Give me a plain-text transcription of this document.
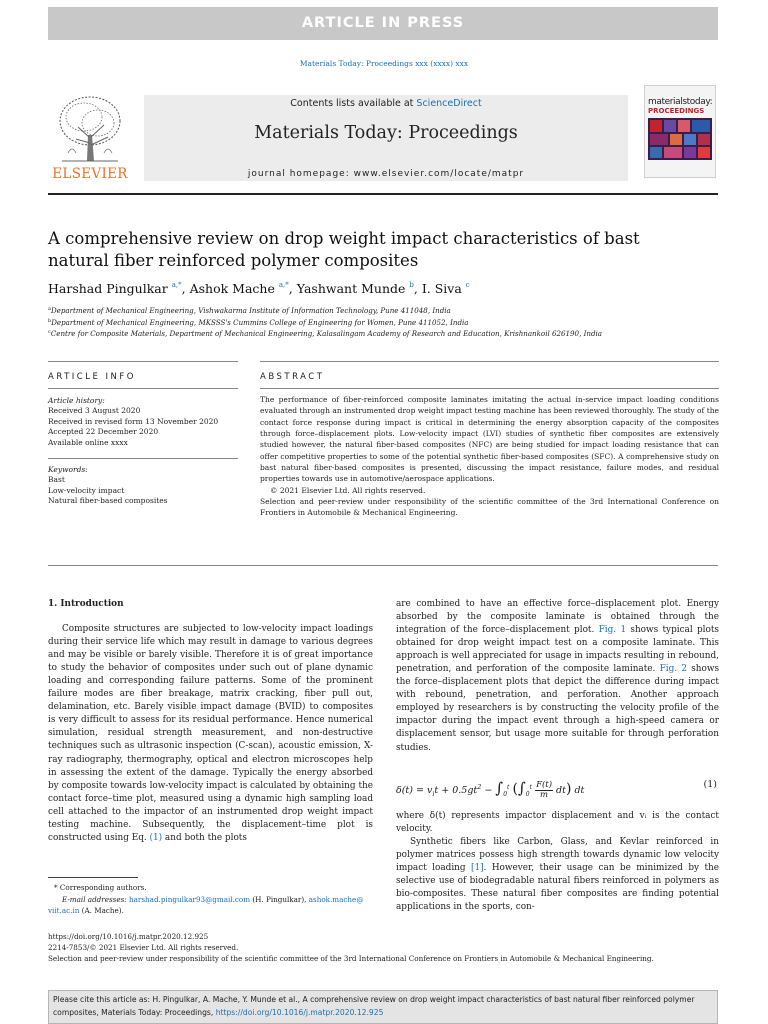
ARTICLE IN PRESS
Materials Today: Proceedings xxx (xxxx) xxx
ELSEVIER
Contents lists available at ScienceDirect
Materials Today: Proceedings
journal homepage: www.elsevier.com/locate/matpr
materialstoday:
PROCEEDINGS
A comprehensive review on drop weight impact characteristics of bast natural fiber reinforced polymer composites
Harshad Pingulkar $^{a,*}$, Ashok Mache $^{a,*}$, Yashwant Munde $^b$, I. Siva $^c$
$^a$Department of Mechanical Engineering, Vishwakarma Institute of Information Technology, Pune 411048, India
$^b$Department of Mechanical Engineering, MKSSS's Cummins College of Engineering for Women, Pune 411052, India
$^c$Centre for Composite Materials, Department of Mechanical Engineering, Kalasalingam Academy of Research and Education, Krishnankoil 626190, India
ARTICLE INFO	ABSTRACT
Article history:
Received 3 August 2020
Received in revised form 13 November 2020
Accepted 22 December 2020
Available online xxxx
Keywords:
Bast
Low-velocity impact
Natural fiber-based composites
The performance of fiber-reinforced composite laminates imitating the actual in-service impact loading conditions evaluated through an instrumented drop weight impact testing machine has been reviewed thoroughly. The study of the contact force response during impact is critical in determining the energy absorption capacity of the composites through force–displacement plots. Low-velocity impact (LVI) studies of synthetic fiber composites are extensively studied however, the natural fiber-based composites (NFC) are being studied for impact loading resistance that can offer competitive properties to some of the potential synthetic fiber-based composites (SFC). A comprehensive study on bast natural fiber-based composites is presented, discussing the impact resistance, failure modes, and residual properties towards use in automotive/aerospace applications.
© 2021 Elsevier Ltd. All rights reserved.
Selection and peer-review under responsibility of the scientific committee of the 3rd International Conference on Frontiers in Automobile & Mechanical Engineering.
1. Introduction

Composite structures are subjected to low-velocity impact loadings during their service life which may result in damage to various degrees and may be visible or barely visible. Therefore it is of great importance to study the behavior of composites under such out of plane dynamic loading and corresponding failure patterns. Some of the prominent failure modes are fiber breakage, matrix cracking, fiber pull out, delamination, etc. Barely visible impact damage (BVID) to composites is very difficult to assess for its residual performance. Hence numerical simulation, residual strength measurement, and non-destructive techniques such as ultrasonic inspection (C-scan), acoustic emission, X-ray radiography, thermography, optical and electron microscopes help in assessing the extent of the damage. Typically the energy absorbed by composite towards low-velocity impact is calculated by obtaining the contact force–time plot, measured using a dynamic high sampling load cell attached to the impactor of an instrumented drop weight impact testing machine. Subsequently, the displacement–time plot is constructed using Eq. (1) and both the plots

are combined to have an effective force–displacement plot. Energy absorbed by the composite laminate is obtained through the integration of the force–displacement plot. Fig. 1 shows typical plots obtained for drop weight impact test on a composite laminate. This approach is well appreciated for usage in impacts resulting in rebound, penetration, and perforation of the composite laminate. Fig. 2 shows the force–displacement plots that depict the difference during impact with rebound, penetration, and perforation. Another approach employed by researchers is by constructing the velocity profile of the impactor during the impact event through a high-speed camera or displacement sensor, but usage more suitable for through perforation studies.

$\delta(t) = v_it + 0.5gt^2 - \int_0^t$ $(\int_0^t \frac{F(t)}{m} dt)$ dt
(1)

where δ(t) represents impactor displacement and vᵢ is the contact velocity.

Synthetic fibers like Carbon, Glass, and Kevlar reinforced in polymer matrices possess high strength towards dynamic low velocity impact loading [1]. However, their usage can be minimized by the selective use of biodegradable natural fibers reinforced in polymers as bio-composites. These natural fiber composites are finding potential applications in the sports, con-

* Corresponding authors.
E-mail addresses: harshad.pingulkar93@gmail.com (H. Pingulkar), ashok.mache@
viit.ac.in (A. Mache).
https://doi.org/10.1016/j.matpr.2020.12.925
2214-7853/© 2021 Elsevier Ltd. All rights reserved.
Selection and peer-review under responsibility of the scientific committee of the 3rd International Conference on Frontiers in Automobile & Mechanical Engineering.
Please cite this article as: H. Pingulkar, A. Mache, Y. Munde et al., A comprehensive review on drop weight impact characteristics of bast natural fiber reinforced polymer composites, Materials Today: Proceedings, https://doi.org/10.1016/j.matpr.2020.12.925
